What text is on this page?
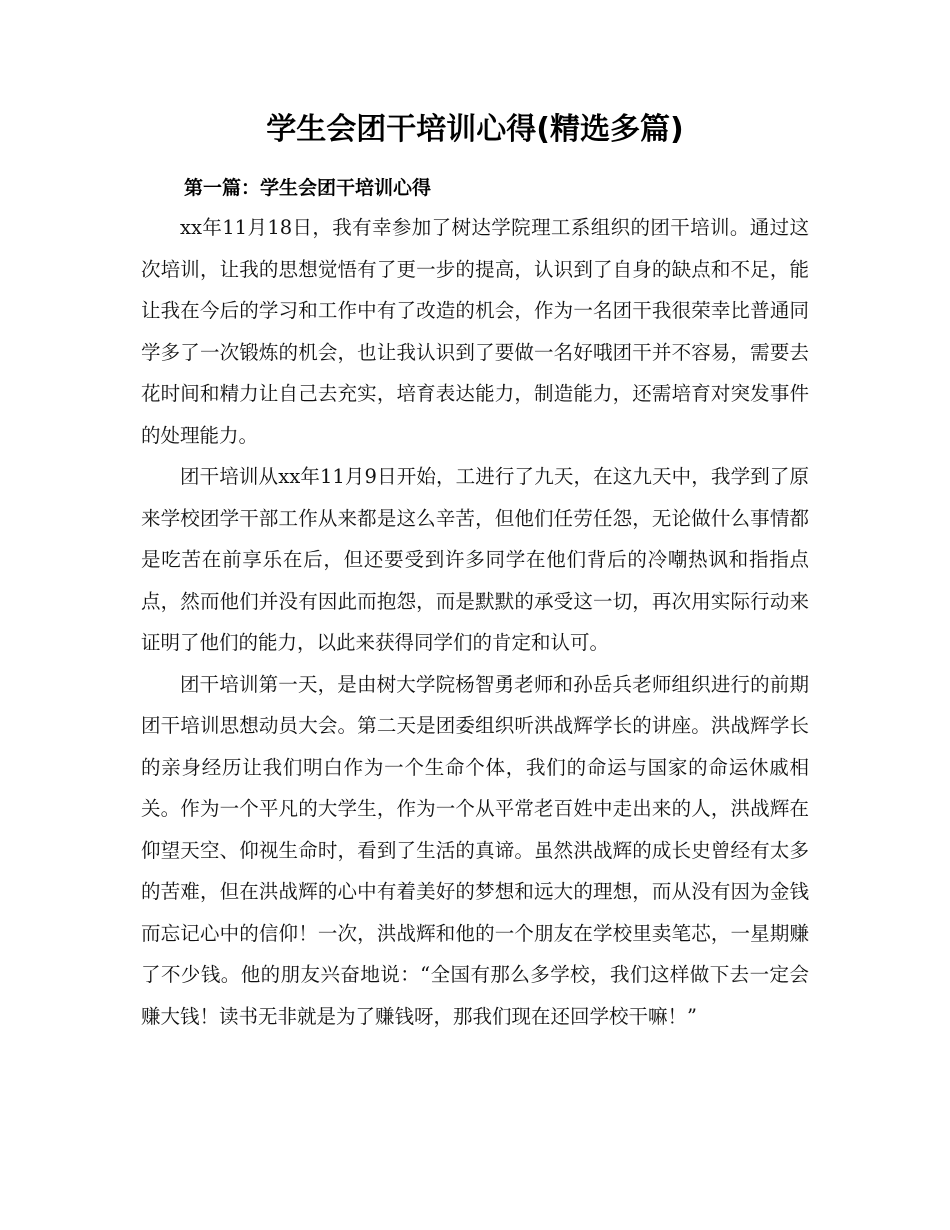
学生会团干培训心得(精选多篇)
第一篇：学生会团干培训心得

xx年11月18日，我有幸参加了树达学院理工系组织的团干培训。通过这次培训，让我的思想觉悟有了更一步的提高，认识到了自身的缺点和不足，能让我在今后的学习和工作中有了改造的机会，作为一名团干我很荣幸比普通同学多了一次锻炼的机会，也让我认识到了要做一名好哦团干并不容易，需要去花时间和精力让自己去充实，培育表达能力，制造能力，还需培育对突发事件的处理能力。

团干培训从xx年11月9日开始，工进行了九天，在这九天中，我学到了原来学校团学干部工作从来都是这么辛苦，但他们任劳任怨，无论做什么事情都是吃苦在前享乐在后，但还要受到许多同学在他们背后的冷嘲热讽和指指点点，然而他们并没有因此而抱怨，而是默默的承受这一切，再次用实际行动来证明了他们的能力，以此来获得同学们的肯定和认可。

团干培训第一天，是由树大学院杨智勇老师和孙岳兵老师组织进行的前期团干培训思想动员大会。第二天是团委组织听洪战辉学长的讲座。洪战辉学长的亲身经历让我们明白作为一个生命个体，我们的命运与国家的命运休戚相关。作为一个平凡的大学生，作为一个从平常老百姓中走出来的人，洪战辉在仰望天空、仰视生命时，看到了生活的真谛。虽然洪战辉的成长史曾经有太多的苦难，但在洪战辉的心中有着美好的梦想和远大的理想，而从没有因为金钱而忘记心中的信仰！一次，洪战辉和他的一个朋友在学校里卖笔芯，一星期赚了不少钱。他的朋友兴奋地说：“全国有那么多学校，我们这样做下去一定会赚大钱！读书无非就是为了赚钱呀，那我们现在还回学校干嘛！”
